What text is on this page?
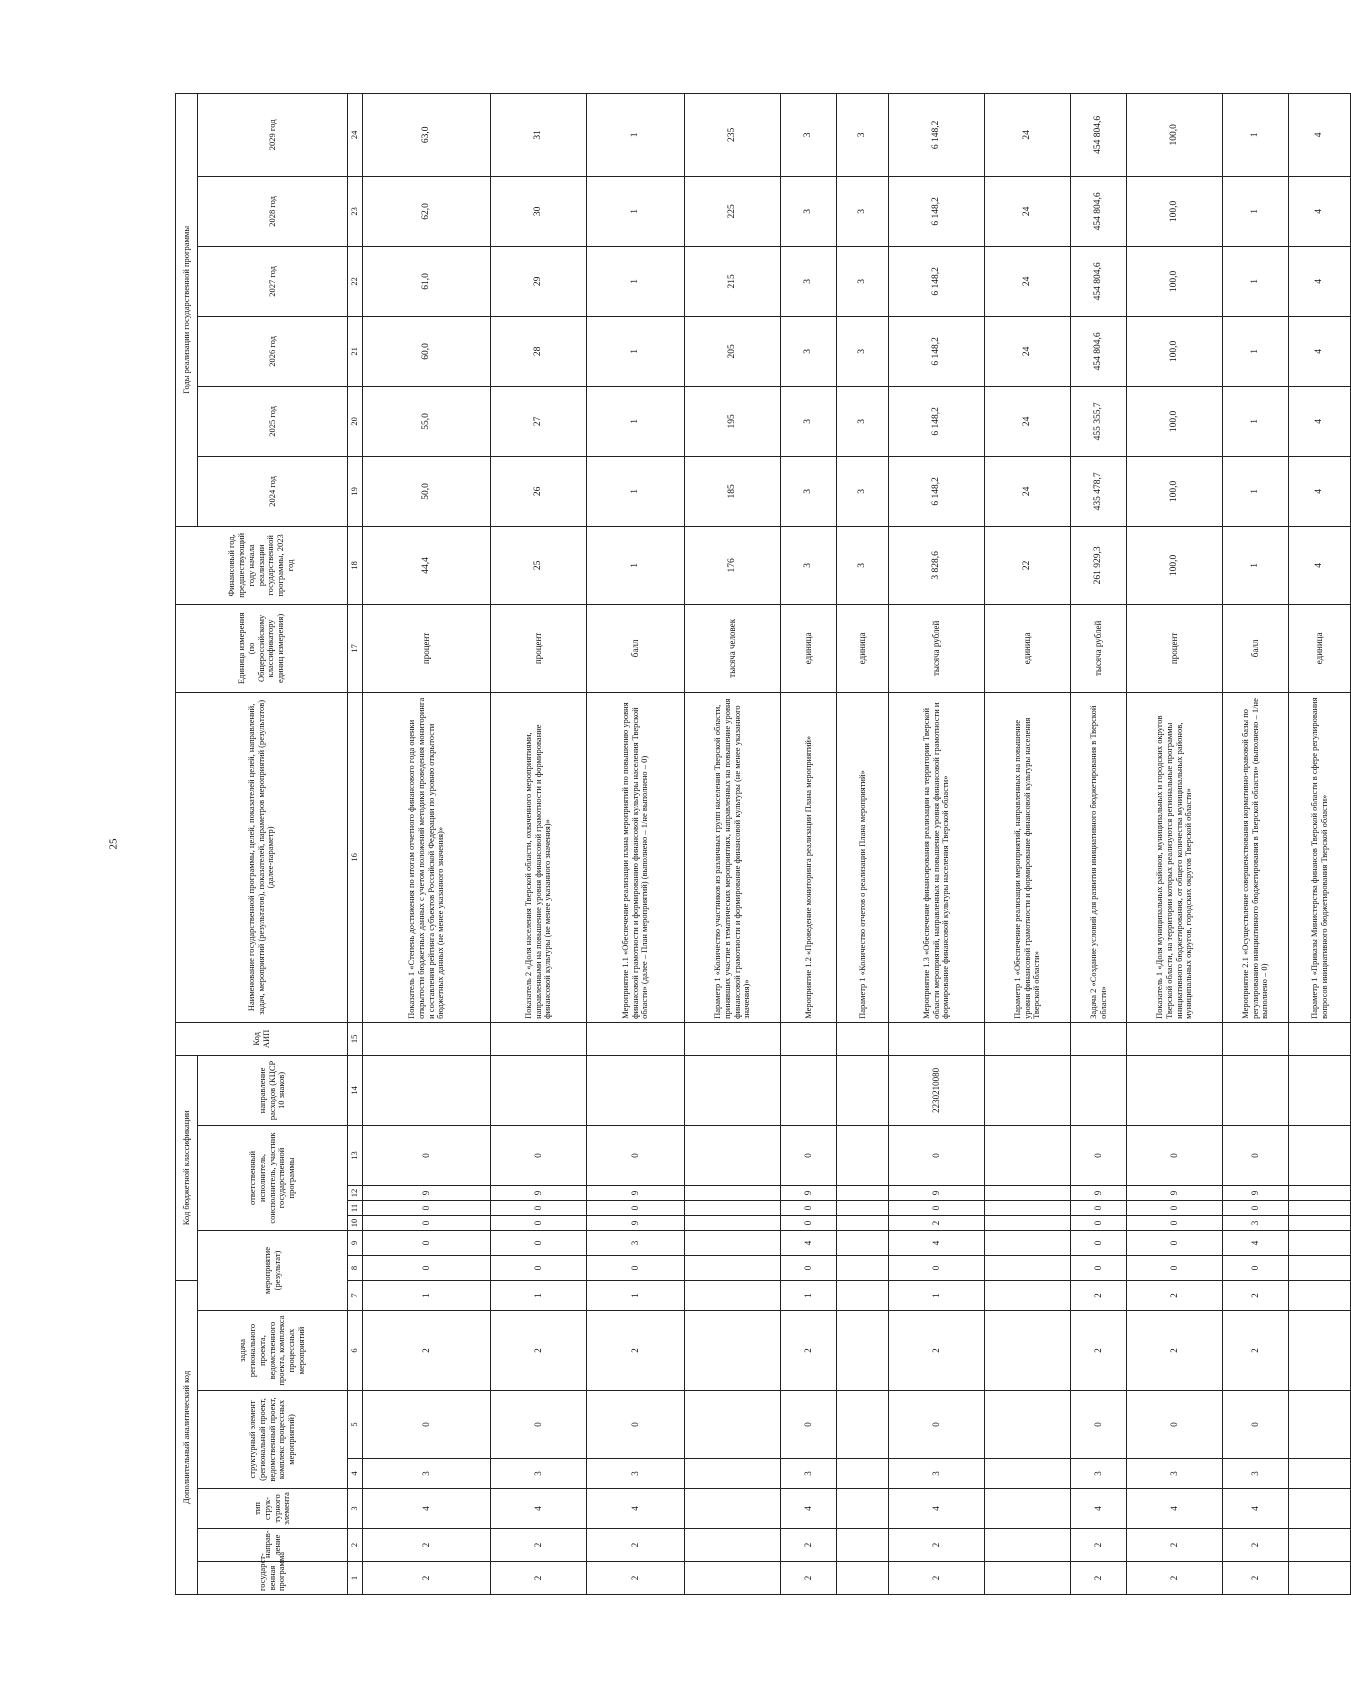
25
Дополнительный аналитический код							Код бюджетной классификации							Код АИП	Наименование государственной программы, целей, показателей целей, направлений, задач, мероприятий (результатов), показателей, параметров мероприятий (результатов) (далее-параметр)	Единица измерения (по Общероссийскому классификатору единиц измерения)	Финансовый год, предшествующий году начала реализации государственной программы, 2023 год	Годы реализации государственной программы					
государст-венная программа	направ-ление	тип струк-турного элемента	структурный элемент (региональный проект, ведомственный проект, комплекс процессных мероприятий)		задача регионального проекта, ведомственного проекта, комплекса процессных мероприятий	мероприятие (результат)			ответственный исполнитель, соисполнитель, участник государственной программы				направление расходов (КЦСР 10 знаков)					2024 год	2025 год	2026 год	2027 год	2028 год	2029 год
1	2	3	4	5	6	7	8	9	10	11	12	13	14	15	16	17	18	19	20	21	22	23	24
2	2	4	3	0	2	1	0	0	0	0	9	0			Показатель 1 «Степень достижения по итогам отчетного финансового года оценки открытости бюджетных данных с учетом положений методики проведения мониторинга и составления рейтинга субъектов Российской Федерации по уровню открытости бюджетных данных (не менее указанного значения)»	процент	44,4	50,0	55,0	60,0	61,0	62,0	63,0
2	2	4	3	0	2	1	0	0	0	0	9	0			Показатель 2 «Доля населения Тверской области, охваченного мероприятиями, направленными на повышение уровня финансовой грамотности и формирование финансовой культуры (не менее указанного значения)»	процент	25	26	27	28	29	30	31
2	2	4	3	0	2	1	0	3	9	0	9	0			Мероприятие 1.1 «Обеспечение реализации плана мероприятий по повышению уровня финансовой грамотности и формированию финансовой культуры населения Тверской области» (далее – План мероприятий) (выполнено – 1/не выполнено – 0)	балл	1	1	1	1	1	1	1
															Параметр 1 «Количество участников из различных групп населения Тверской области, принявших участие в тематических мероприятиях, направленных на повышение уровня финансовой грамотности и формирование финансовой культуры (не менее указанного значения)»	тысяча человек	176	185	195	205	215	225	235
2	2	4	3	0	2	1	0	4	0	0	9	0			Мероприятие 1.2 «Проведение мониторинга реализации Плана мероприятий»	единица	3	3	3	3	3	3	3
															Параметр 1 «Количество отчетов о реализации Плана мероприятий»	единица	3	3	3	3	3	3	3
2	2	4	3	0	2	1	0	4	2	0	9	0	2230210080		Мероприятие 1.3 «Обеспечение финансирования реализации на территории Тверской области мероприятий, направленных на повышение уровня финансовой грамотности и формирование финансовой культуры населения Тверской области»	тысяча рублей	3 828,6	6 148,2	6 148,2	6 148,2	6 148,2	6 148,2	6 148,2
															Параметр 1 «Обеспечение реализации мероприятий, направленных на повышение уровня финансовой грамотности и формирование финансовой культуры населения Тверской области»	единица	22	24	24	24	24	24	24
2	2	4	3	0	2	2	0	0	0	0	9	0			Задача 2 «Создание условий для развития инициативного бюджетирования в Тверской области»	тысяча рублей	261 929,3	435 478,7	455 355,7	454 804,6	454 804,6	454 804,6	454 804,6
2	2	4	3	0	2	2	0	0	0	0	9	0			Показатель 1 «Доля муниципальных районов, муниципальных и городских округов Тверской области, на территории которых реализуются региональные программы инициативного бюджетирования, от общего количества муниципальных районов, муниципальных округов, городских округов Тверской области»	процент	100,0	100,0	100,0	100,0	100,0	100,0	100,0
2	2	4	3	0	2	2	0	4	3	0	9	0			Мероприятие 2.1 «Осуществление совершенствования нормативно-правовой базы по регулированию инициативного бюджетирования в Тверской области» (выполнено – 1/не выполнено – 0)	балл	1	1	1	1	1	1	1
															Параметр 1 «Приказы Министерства финансов Тверской области в сфере регулирования вопросов инициативного бюджетирования Тверской области»	единица	4	4	4	4	4	4	4
